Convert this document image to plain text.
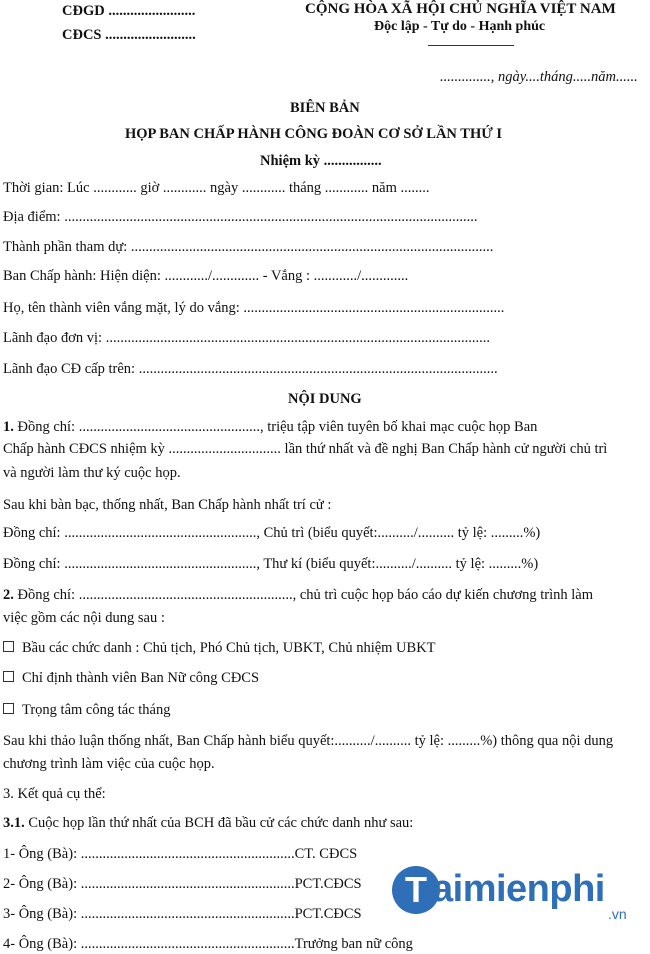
CĐGD ........................
CĐCS .........................
CỘNG HÒA XÃ HỘI CHỦ NGHĨA VIỆT NAM
Độc lập - Tự do - Hạnh phúc
.............., ngày....tháng.....năm......
BIÊN BẢN
HỌP BAN CHẤP HÀNH CÔNG ĐOÀN CƠ SỞ LẦN THỨ I
Nhiệm kỳ ................
Thời gian: Lúc ............ giờ ............ ngày ............ tháng ............ năm ........
Địa điểm: ..................................................................................................................
Thành phần tham dự: ....................................................................................................
Ban Chấp hành: Hiện diện: ............/............. - Vắng : ............/.............
Họ, tên thành viên vắng mặt, lý do vắng: ........................................................................
Lãnh đạo đơn vị: ..........................................................................................................
Lãnh đạo CĐ cấp trên: ...................................................................................................
NỘI DUNG
1. Đồng chí: .................................................., triệu tập viên tuyên bố khai mạc cuộc họp Ban
Chấp hành CĐCS nhiệm kỳ ............................... lần thứ nhất và đề nghị Ban Chấp hành cử người chủ trì
và người làm thư ký cuộc họp.
Sau khi bàn bạc, thống nhất, Ban Chấp hành nhất trí cử :
Đồng chí: ....................................................., Chủ trì (biểu quyết:........../.......... tỷ lệ: .........%)
Đồng chí: ....................................................., Thư kí (biểu quyết:........../.......... tỷ lệ: .........%)
2. Đồng chí: ..........................................................., chủ trì cuộc họp báo cáo dự kiến chương trình làm
việc gồm các nội dung sau :
Bầu các chức danh : Chủ tịch, Phó Chủ tịch, UBKT, Chủ nhiệm UBKT
Chỉ định thành viên Ban Nữ công CĐCS
Trọng tâm công tác tháng
Sau khi thảo luận thống nhất, Ban Chấp hành biểu quyết:........../.......... tỷ lệ: .........%) thông qua nội dung
chương trình làm việc của cuộc họp.
3. Kết quả cụ thể:
3.1. Cuộc họp lần thứ nhất của BCH đã bầu cử các chức danh như sau:
1- Ông (Bà): ...........................................................CT. CĐCS
2- Ông (Bà): ...........................................................PCT.CĐCS
3- Ông (Bà): ...........................................................PCT.CĐCS
4- Ông (Bà): ...........................................................Trưởng ban nữ công
T aimienphi
.vn
